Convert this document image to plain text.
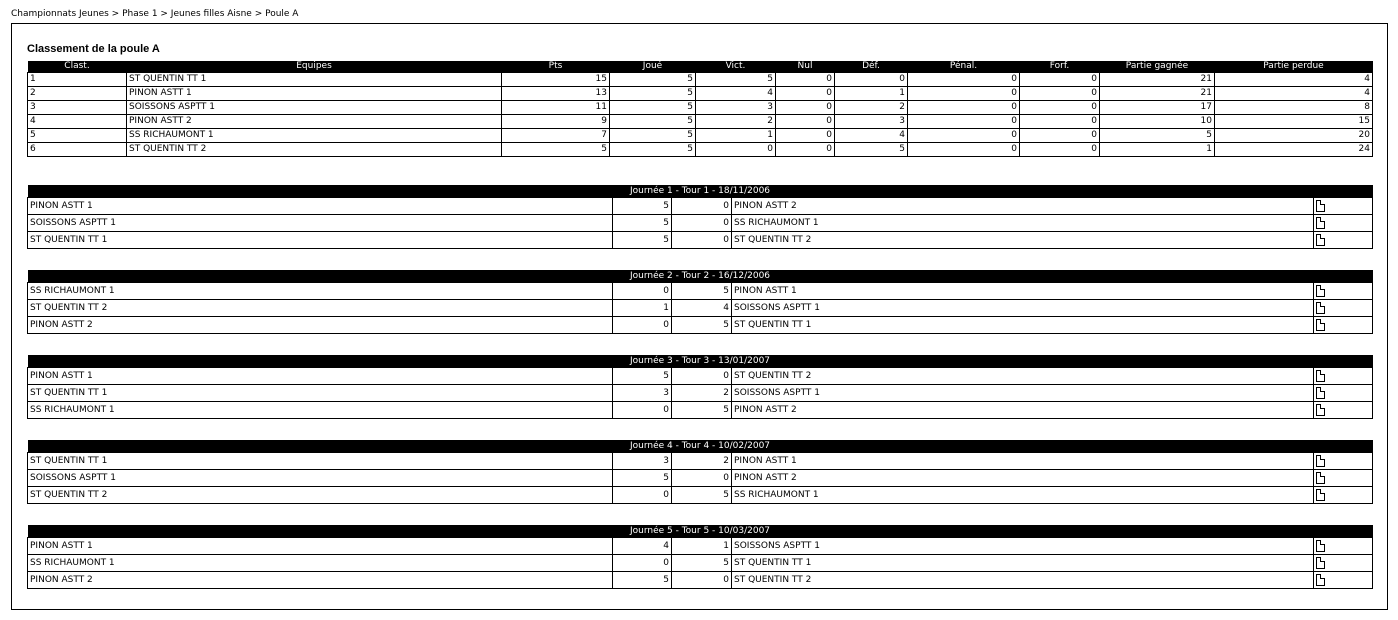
Championnats Jeunes > Phase 1 > Jeunes filles Aisne > Poule A
Classement de la poule A
Clast.	Equipes	Pts	Joué	Vict.	Nul	Déf.	Pénal.	Forf.	Partie gagnée	Partie perdue
1	ST QUENTIN TT 1	15	5	5	0	0	0	0	21	4
2	PINON ASTT 1	13	5	4	0	1	0	0	21	4
3	SOISSONS ASPTT 1	11	5	3	0	2	0	0	17	8
4	PINON ASTT 2	9	5	2	0	3	0	0	10	15
5	SS RICHAUMONT 1	7	5	1	0	4	0	0	5	20
6	ST QUENTIN TT 2	5	5	0	0	5	0	0	1	24
Journée 1 - Tour 1 - 18/11/2006				
PINON ASTT 1	5	0	PINON ASTT 2	
SOISSONS ASPTT 1	5	0	SS RICHAUMONT 1	
ST QUENTIN TT 1	5	0	ST QUENTIN TT 2	
Journée 2 - Tour 2 - 16/12/2006				
SS RICHAUMONT 1	0	5	PINON ASTT 1	
ST QUENTIN TT 2	1	4	SOISSONS ASPTT 1	
PINON ASTT 2	0	5	ST QUENTIN TT 1	
Journée 3 - Tour 3 - 13/01/2007				
PINON ASTT 1	5	0	ST QUENTIN TT 2	
ST QUENTIN TT 1	3	2	SOISSONS ASPTT 1	
SS RICHAUMONT 1	0	5	PINON ASTT 2	
Journée 4 - Tour 4 - 10/02/2007				
ST QUENTIN TT 1	3	2	PINON ASTT 1	
SOISSONS ASPTT 1	5	0	PINON ASTT 2	
ST QUENTIN TT 2	0	5	SS RICHAUMONT 1	
Journée 5 - Tour 5 - 10/03/2007				
PINON ASTT 1	4	1	SOISSONS ASPTT 1	
SS RICHAUMONT 1	0	5	ST QUENTIN TT 1	
PINON ASTT 2	5	0	ST QUENTIN TT 2	
